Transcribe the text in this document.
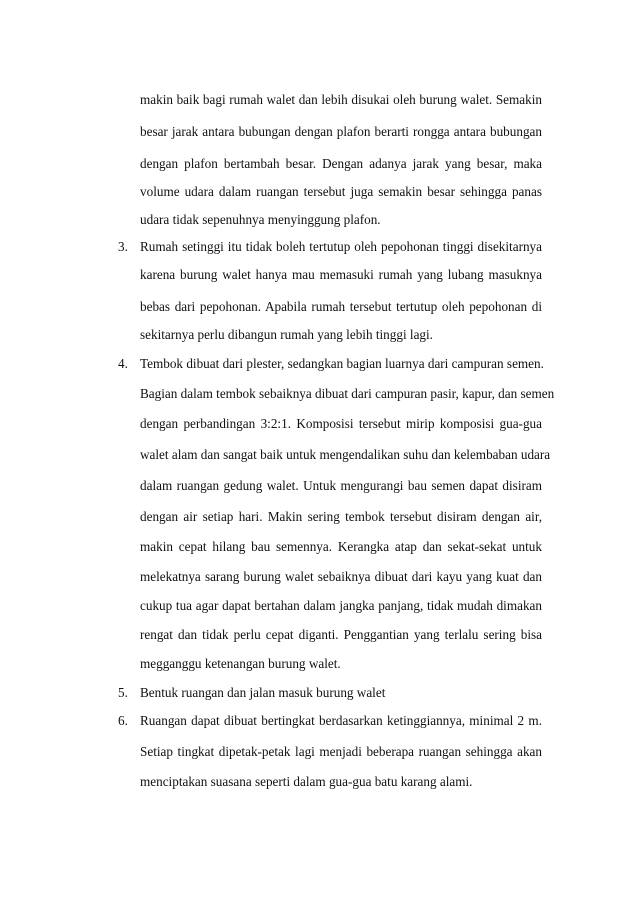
makin baik bagi rumah walet dan lebih disukai oleh burung walet. Semakin
besar jarak antara bubungan dengan plafon berarti rongga antara bubungan
dengan plafon bertambah besar. Dengan adanya jarak yang besar, maka
volume udara dalam ruangan tersebut juga semakin besar sehingga panas
udara tidak sepenuhnya menyinggung plafon.
3. Rumah setinggi itu tidak boleh tertutup oleh pepohonan tinggi disekitarnya
karena burung walet hanya mau memasuki rumah yang lubang masuknya
bebas dari pepohonan. Apabila rumah tersebut tertutup oleh pepohonan di
sekitarnya perlu dibangun rumah yang lebih tinggi lagi.
4. Tembok dibuat dari plester, sedangkan bagian luarnya dari campuran semen.
Bagian dalam tembok sebaiknya dibuat dari campuran pasir, kapur, dan semen
dengan perbandingan 3:2:1. Komposisi tersebut mirip komposisi gua-gua
walet alam dan sangat baik untuk mengendalikan suhu dan kelembaban udara
dalam ruangan gedung walet. Untuk mengurangi bau semen dapat disiram
dengan air setiap hari. Makin sering tembok tersebut disiram dengan air,
makin cepat hilang bau semennya. Kerangka atap dan sekat-sekat untuk
melekatnya sarang burung walet sebaiknya dibuat dari kayu yang kuat dan
cukup tua agar dapat bertahan dalam jangka panjang, tidak mudah dimakan
rengat dan tidak perlu cepat diganti. Penggantian yang terlalu sering bisa
megganggu ketenangan burung walet.
5. Bentuk ruangan dan jalan masuk burung walet
6. Ruangan dapat dibuat bertingkat berdasarkan ketinggiannya, minimal 2 m.
Setiap tingkat dipetak-petak lagi menjadi beberapa ruangan sehingga akan
menciptakan suasana seperti dalam gua-gua batu karang alami.
